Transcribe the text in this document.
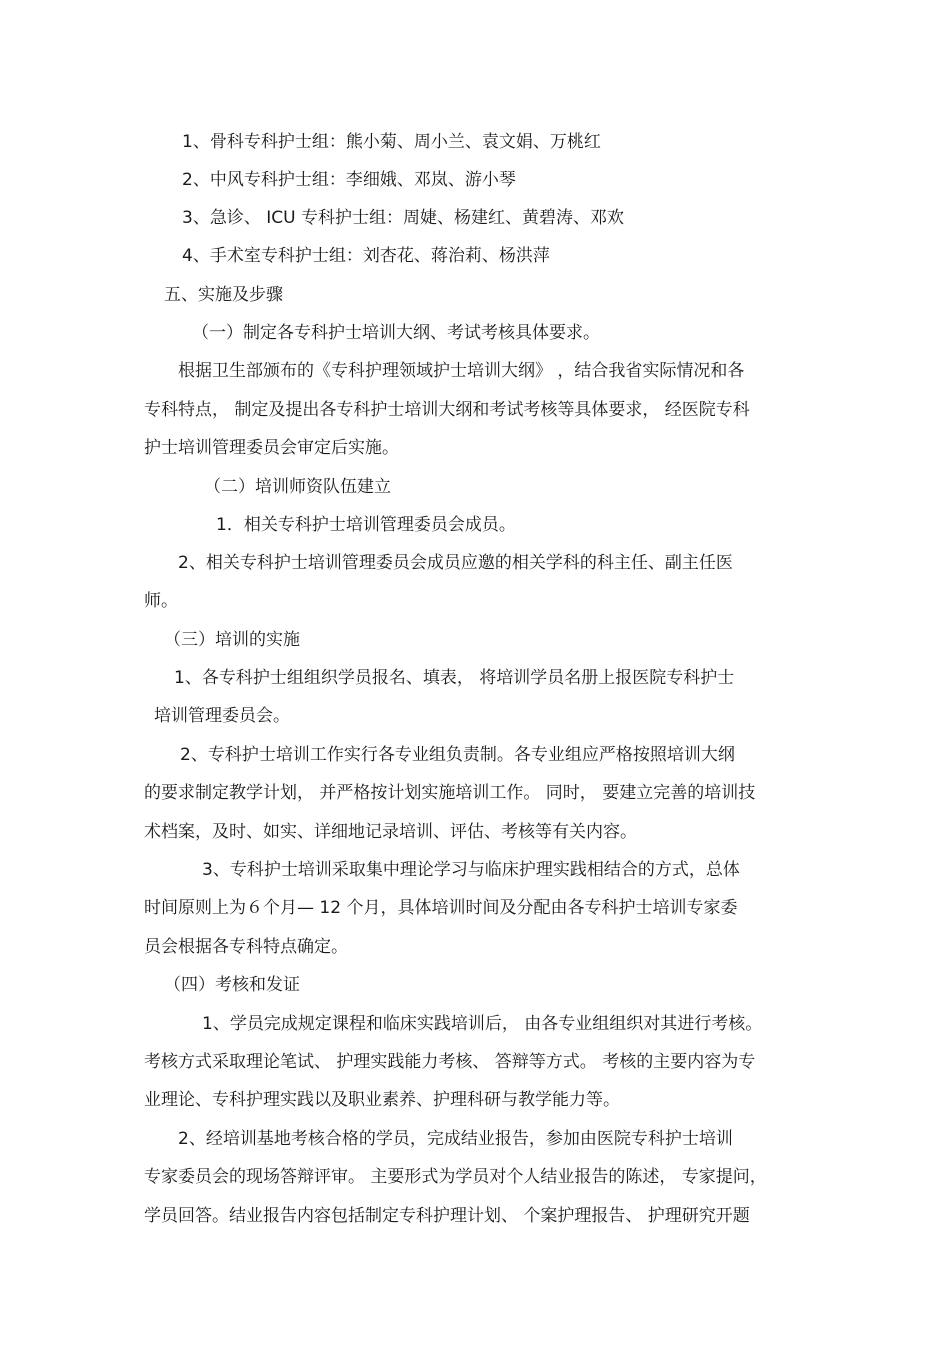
1、骨科专科护士组：熊小菊、周小兰、袁文娟、万桃红
2、中风专科护士组：李细娥、邓岚、游小琴
3、急诊、 ICU 专科护士组：周婕、杨建红、黄碧涛、邓欢
4、手术室专科护士组：刘杏花、蒋治莉、杨洪萍
五、实施及步骤
（一）制定各专科护士培训大纲、考试考核具体要求。
根据卫生部颁布的《专科护理领域护士培训大纲》 ，结合我省实际情况和各
专科特点， 制定及提出各专科护士培训大纲和考试考核等具体要求， 经医院专科
护士培训管理委员会审定后实施。
（二）培训师资队伍建立
1．相关专科护士培训管理委员会成员。
2、相关专科护士培训管理委员会成员应邀的相关学科的科主任、副主任医
师。
（三）培训的实施
1、各专科护士组组织学员报名、填表， 将培训学员名册上报医院专科护士
培训管理委员会。
2、专科护士培训工作实行各专业组负责制。各专业组应严格按照培训大纲
的要求制定教学计划， 并严格按计划实施培训工作。 同时， 要建立完善的培训技
术档案，及时、如实、详细地记录培训、评估、考核等有关内容。
3、专科护士培训采取集中理论学习与临床护理实践相结合的方式，总体
时间原则上为６个月— 12 个月，具体培训时间及分配由各专科护士培训专家委
员会根据各专科特点确定。
（四）考核和发证
1、学员完成规定课程和临床实践培训后， 由各专业组组织对其进行考核。
考核方式采取理论笔试、 护理实践能力考核、 答辩等方式。 考核的主要内容为专
业理论、专科护理实践以及职业素养、护理科研与教学能力等。
2、经培训基地考核合格的学员，完成结业报告，参加由医院专科护士培训
专家委员会的现场答辩评审。 主要形式为学员对个人结业报告的陈述， 专家提问，
学员回答。结业报告内容包括制定专科护理计划、 个案护理报告、 护理研究开题
